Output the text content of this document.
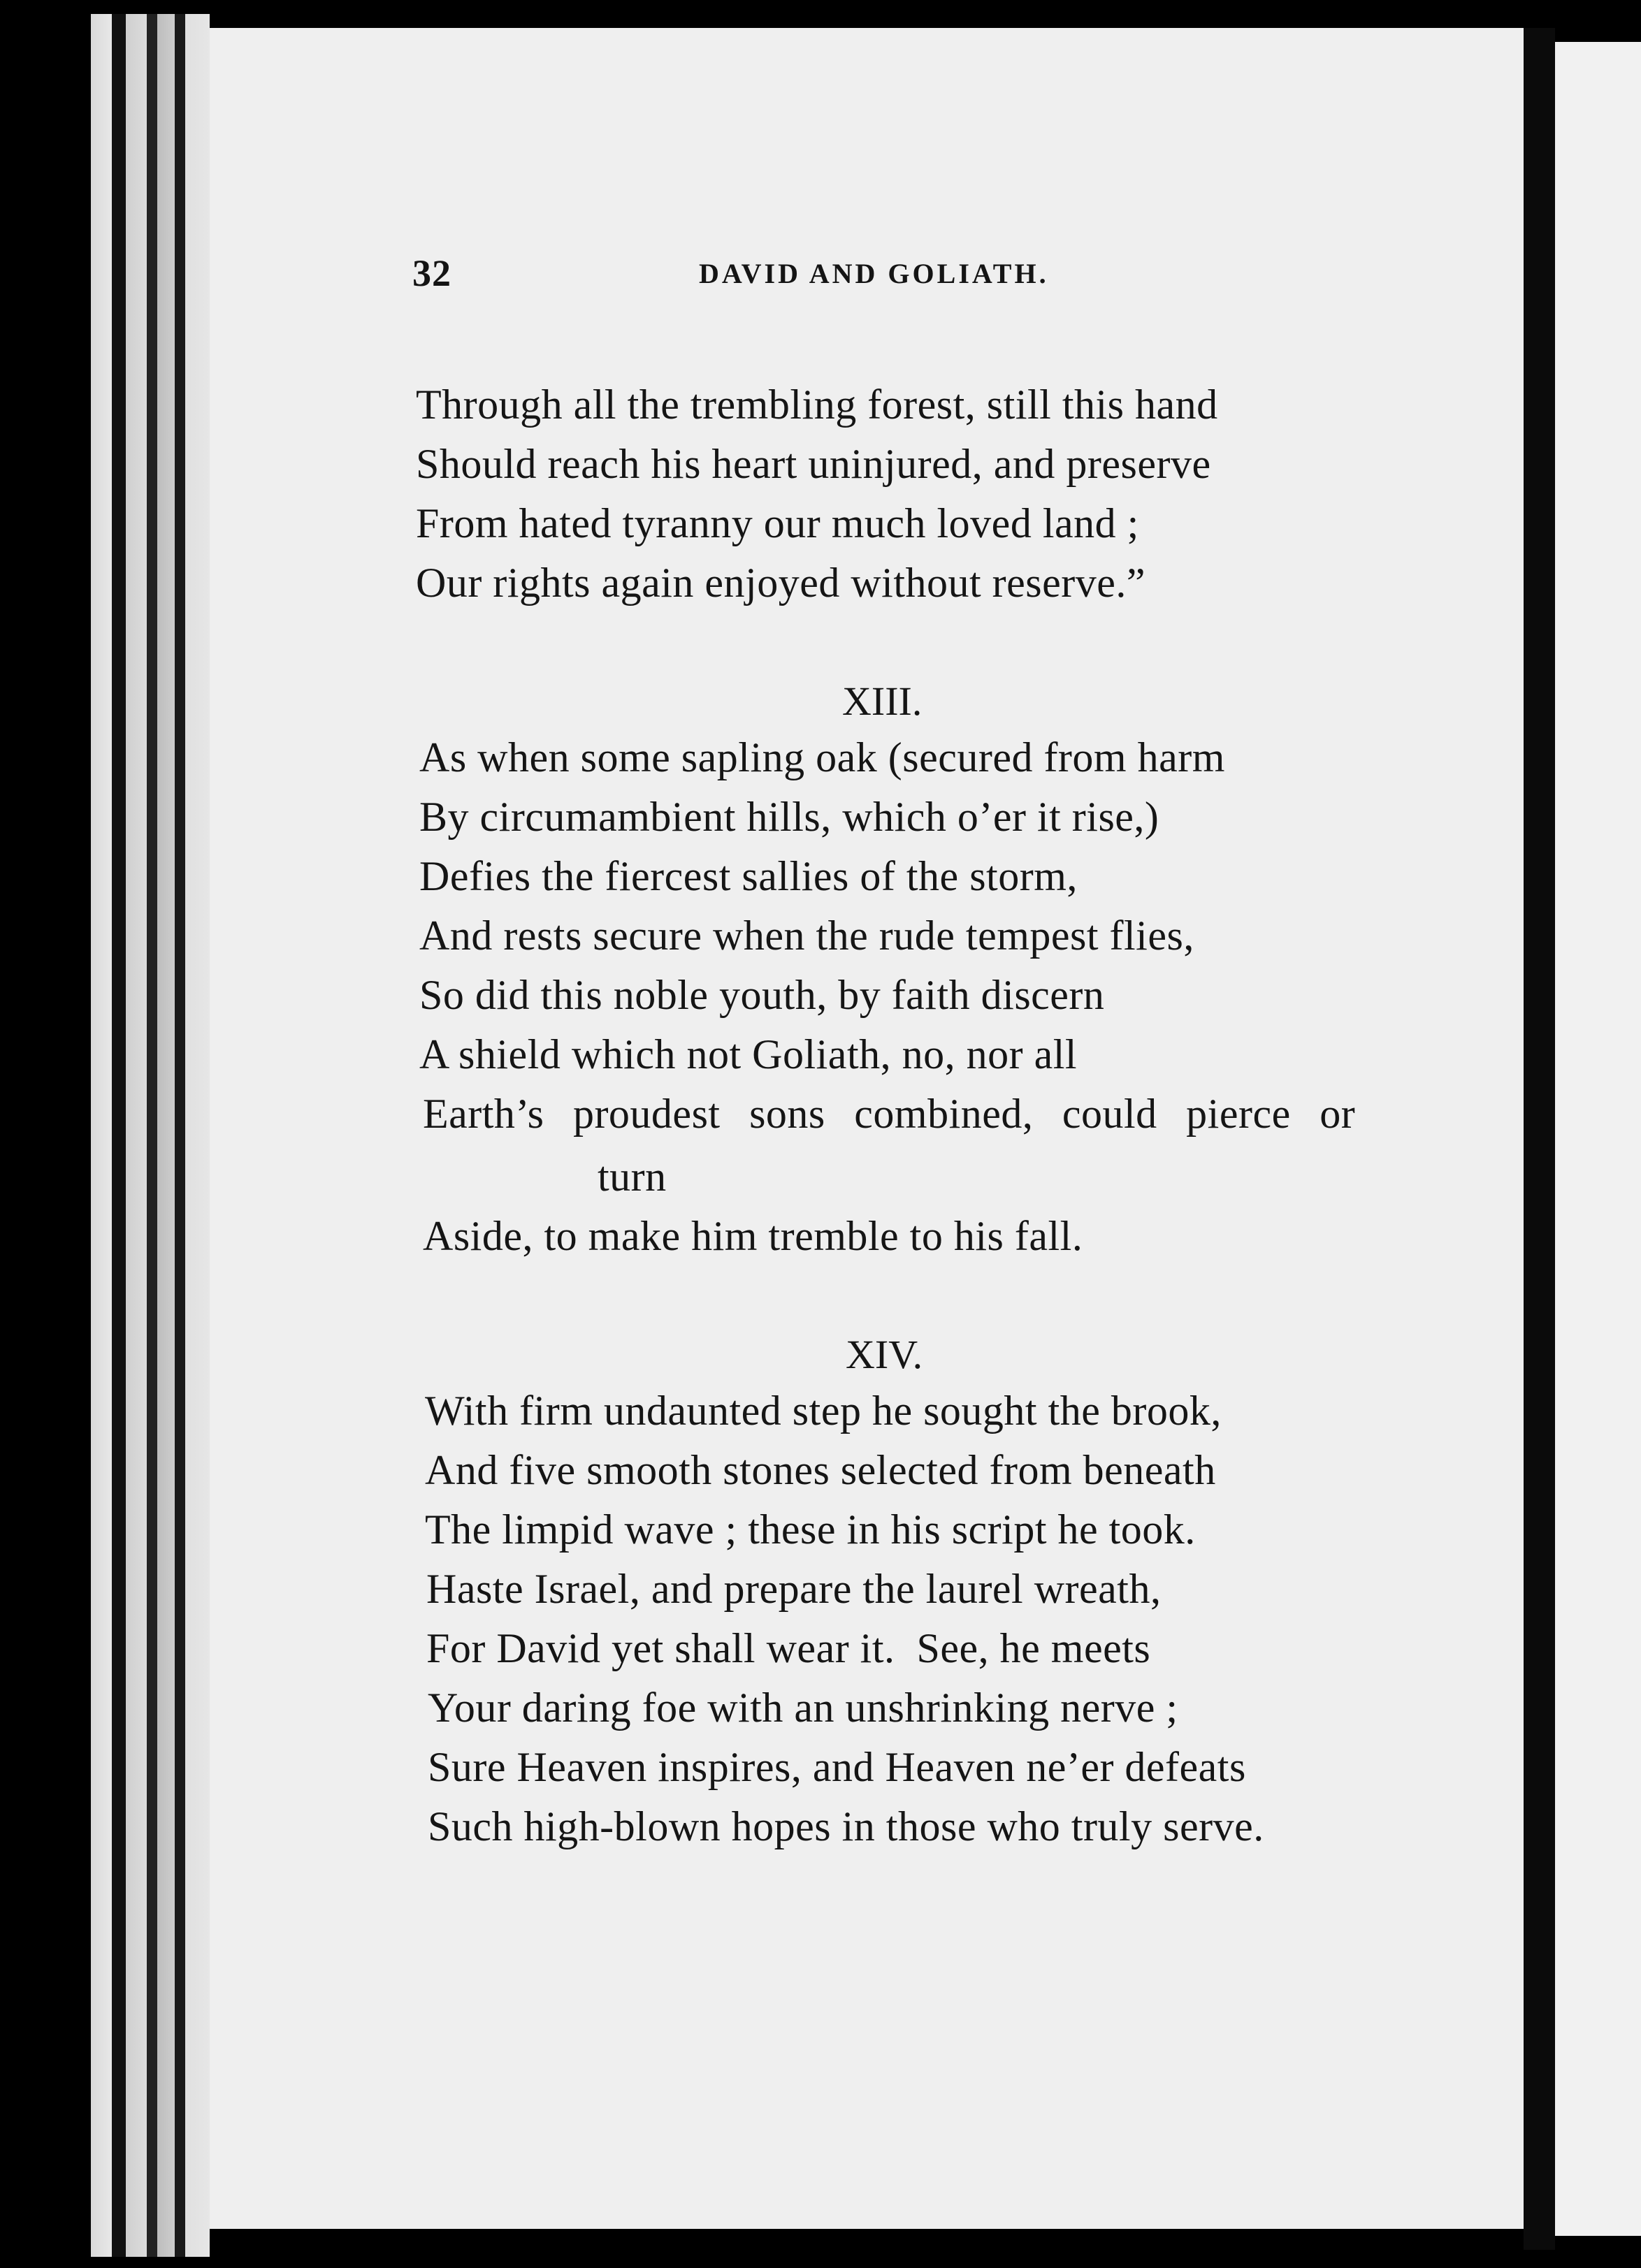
32	DAVID AND GOLIATH.
Through all the trembling forest, still this hand
Should reach his heart uninjured, and preserve
From hated tyranny our much loved land ;
Our rights again enjoyed without reserve.”
XIII.
As when some sapling oak (secured from harm
By circumambient hills, which o’er it rise,)
Defies the fiercest sallies of the storm,
And rests secure when the rude tempest flies,
So did this noble youth, by faith discern
A shield which not Goliath, no, nor all
Earth’s proudest sons combined, could pierce or
turn
Aside, to make him tremble to his fall.
XIV.
With firm undaunted step he sought the brook,
And five smooth stones selected from beneath
The limpid wave ; these in his script he took.
Haste Israel, and prepare the laurel wreath,
For David yet shall wear it.  See, he meets
Your daring foe with an unshrinking nerve ;
Sure Heaven inspires, and Heaven ne’er defeats
Such high-blown hopes in those who truly serve.
